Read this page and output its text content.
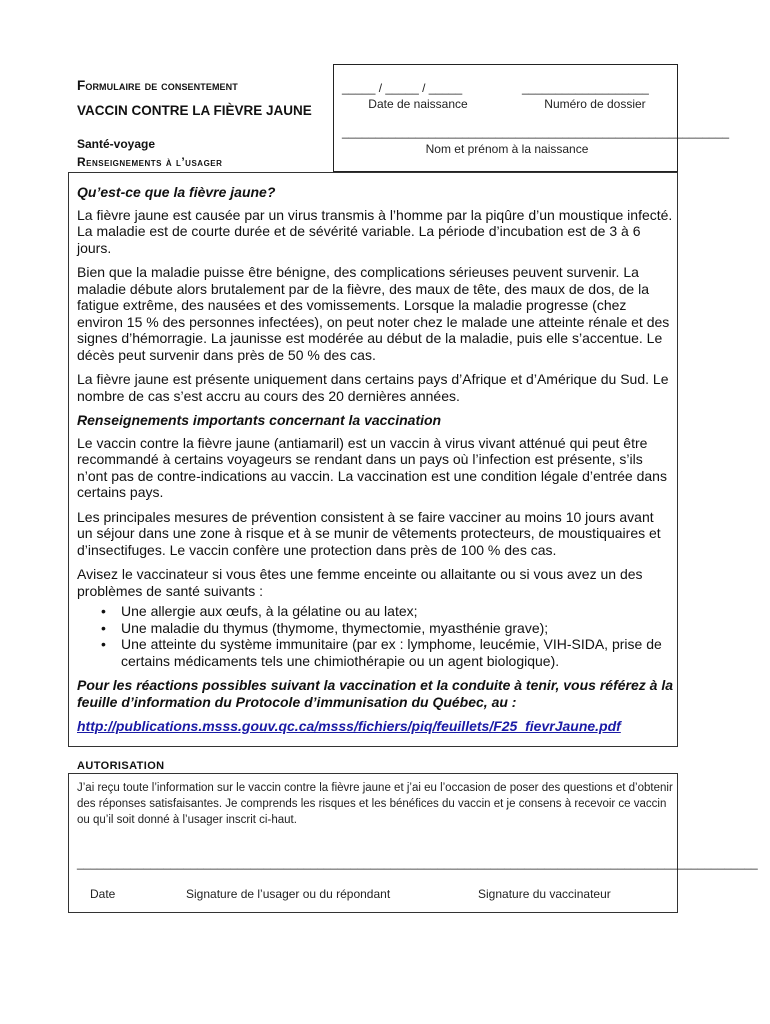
Formulaire de consentement

VACCIN CONTRE LA FIÈVRE JAUNE

Santé-voyage

Renseignements à l’usager

_____ / _____ / _____
Date de naissance
___________________
Numéro de dossier
__________________________________________________________
Nom et prénom à la naissance

Qu’est-ce que la fièvre jaune?

La fièvre jaune est causée par un virus transmis à l’homme par la piqûre d’un moustique infecté. La maladie est de courte durée et de sévérité variable. La période d’incubation est de 3 à 6 jours.

Bien que la maladie puisse être bénigne, des complications sérieuses peuvent survenir. La maladie débute alors brutalement par de la fièvre, des maux de tête, des maux de dos, de la fatigue extrême, des nausées et des vomissements. Lorsque la maladie progresse (chez environ 15 % des personnes infectées), on peut noter chez le malade une atteinte rénale et des signes d’hémorragie. La jaunisse est modérée au début de la maladie, puis elle s’accentue. Le décès peut survenir dans près de 50 % des cas.

La fièvre jaune est présente uniquement dans certains pays d’Afrique et d’Amérique du Sud. Le nombre de cas s’est accru au cours des 20 dernières années.

Renseignements importants concernant la vaccination

Le vaccin contre la fièvre jaune (antiamaril) est un vaccin à virus vivant atténué qui peut être recommandé à certains voyageurs se rendant dans un pays où l’infection est présente, s’ils n’ont pas de contre-indications au vaccin. La vaccination est une condition légale d’entrée dans certains pays.

Les principales mesures de prévention consistent à se faire vacciner au moins 10 jours avant un séjour dans une zone à risque et à se munir de vêtements protecteurs, de moustiquaires et d’insectifuges. Le vaccin confère une protection dans près de 100 % des cas.

Avisez le vaccinateur si vous êtes une femme enceinte ou allaitante ou si vous avez un des problèmes de santé suivants :

• Une allergie aux œufs, à la gélatine ou au latex;
• Une maladie du thymus (thymome, thymectomie, myasthénie grave);
• Une atteinte du système immunitaire (par ex : lymphome, leucémie, VIH-SIDA, prise de certains médicaments tels une chimiothérapie ou un agent biologique).

Pour les réactions possibles suivant la vaccination et la conduite à tenir, vous référez à la feuille d’information du Protocole d’immunisation du Québec, au :

http://publications.msss.gouv.qc.ca/msss/fichiers/piq/feuillets/F25_fievrJaune.pdf

AUTORISATION
J’ai reçu toute l’information sur le vaccin contre la fièvre jaune et j’ai eu l’occasion de poser des questions et d’obtenir des réponses satisfaisantes. Je comprends les risques et les bénéfices du vaccin et je consens à recevoir ce vaccin ou qu’il soit donné à l’usager inscrit ci-haut.
______________________________________________________________________________________________________
Date	Signature de l’usager ou du répondant	Signature du vaccinateur
